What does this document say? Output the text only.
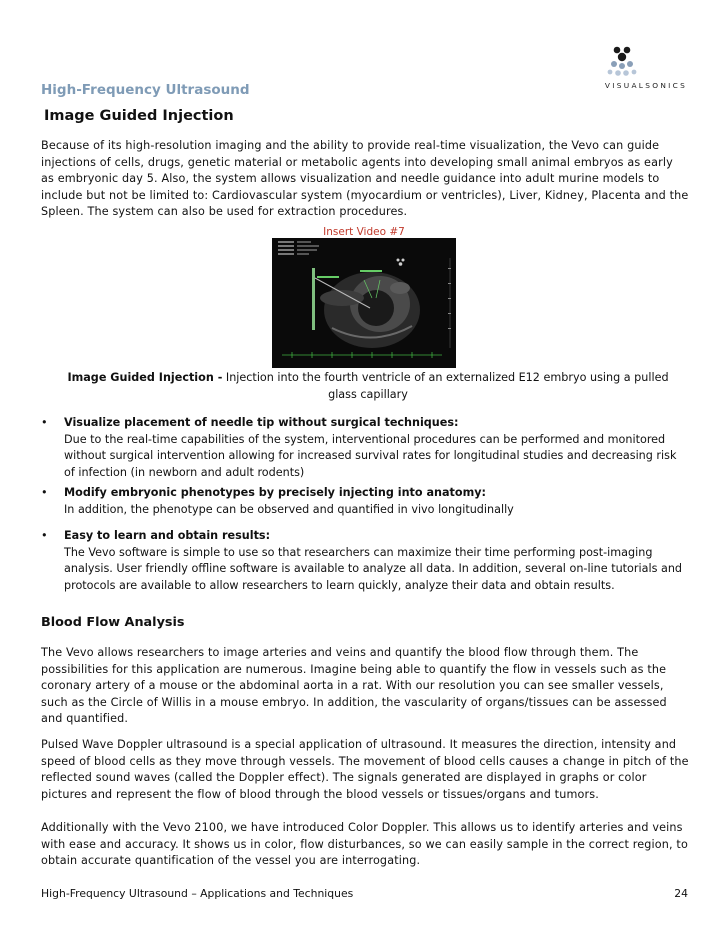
High-Frequency Ultrasound	VISUALSONICS
Image Guided Injection

Because of its high-resolution imaging and the ability to provide real-time visualization, the Vevo can guide injections of cells, drugs, genetic material or metabolic agents into developing small animal embryos as early as embryonic day 5. Also, the system allows visualization and needle guidance into adult murine models to include but not be limited to: Cardiovascular system (myocardium or ventricles), Liver, Kidney, Placenta and the Spleen. The system can also be used for extraction procedures.

Insert Video #7
Image Guided Injection - Injection into the fourth ventricle of an externalized E12 embryo using a pulled glass capillary
• Visualize placement of needle tip without surgical techniques:
Due to the real-time capabilities of the system, interventional procedures can be performed and monitored without surgical intervention allowing for increased survival rates for longitudinal studies and decreasing risk of infection (in newborn and adult rodents)
• Modify embryonic phenotypes by precisely injecting into anatomy:
In addition, the phenotype can be observed and quantified in vivo longitudinally
• Easy to learn and obtain results:
The Vevo software is simple to use so that researchers can maximize their time performing post-imaging analysis. User friendly offline software is available to analyze all data. In addition, several on-line tutorials and protocols are available to allow researchers to learn quickly, analyze their data and obtain results.
Blood Flow Analysis

The Vevo allows researchers to image arteries and veins and quantify the blood flow through them. The possibilities for this application are numerous. Imagine being able to quantify the flow in vessels such as the coronary artery of a mouse or the abdominal aorta in a rat. With our resolution you can see smaller vessels, such as the Circle of Willis in a mouse embryo. In addition, the vascularity of organs/tissues can be assessed and quantified.

Pulsed Wave Doppler ultrasound is a special application of ultrasound. It measures the direction, intensity and speed of blood cells as they move through vessels. The movement of blood cells causes a change in pitch of the reflected sound waves (called the Doppler effect). The signals generated are displayed in graphs or color pictures and represent the flow of blood through the blood vessels or tissues/organs and tumors.

Additionally with the Vevo 2100, we have introduced Color Doppler. This allows us to identify arteries and veins with ease and accuracy. It shows us in color, flow disturbances, so we can easily sample in the correct region, to obtain accurate quantification of the vessel you are interrogating.

High-Frequency Ultrasound – Applications and Techniques	24
